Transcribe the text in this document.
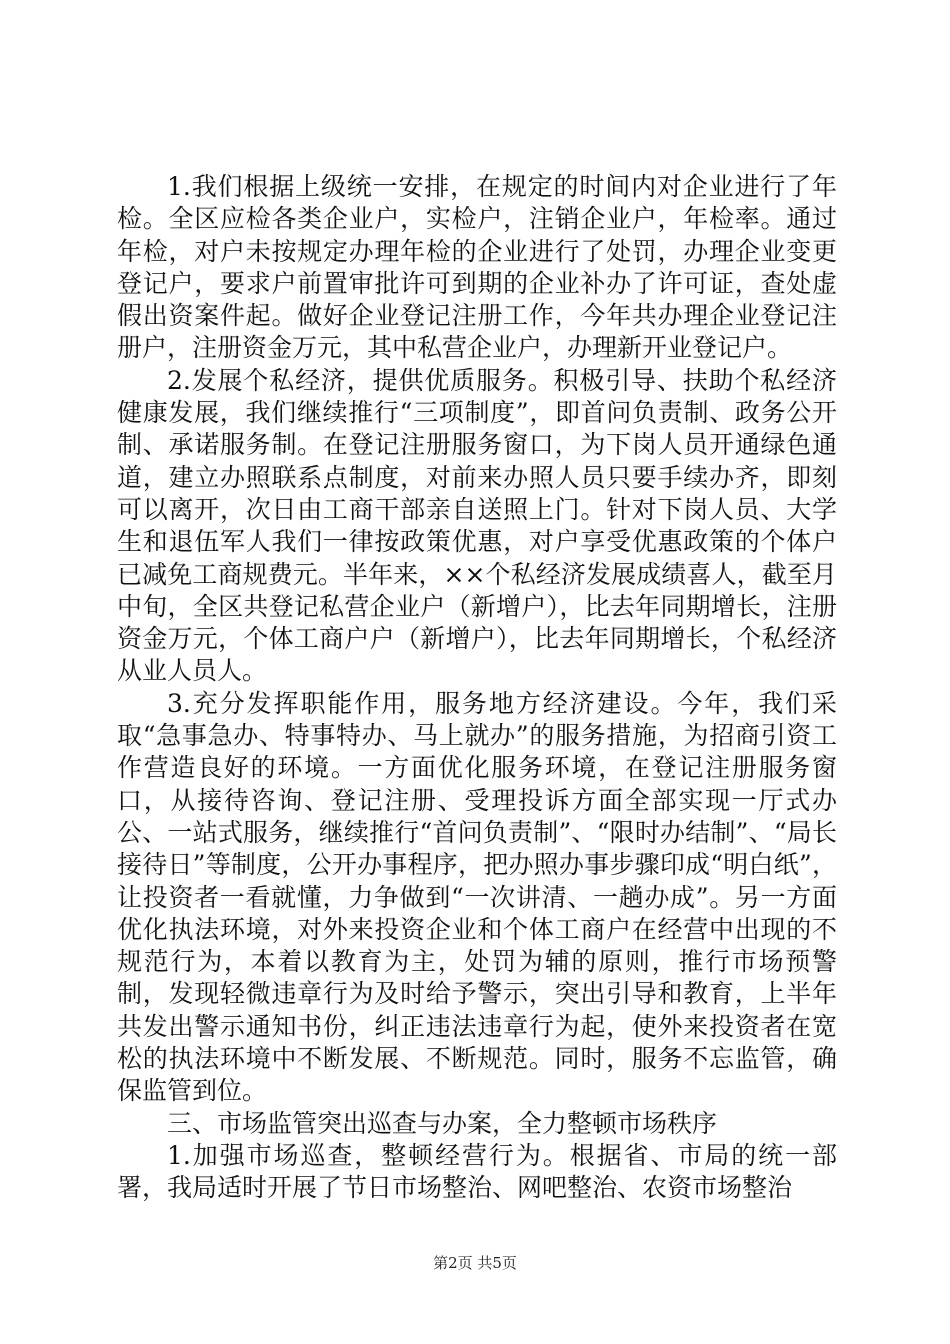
1.我们根据上级统一安排，在规定的时间内对企业进行了年检。全区应检各类企业户，实检户，注销企业户，年检率。通过年检，对户未按规定办理年检的企业进行了处罚，办理企业变更登记户，要求户前置审批许可到期的企业补办了许可证，查处虚假出资案件起。做好企业登记注册工作，今年共办理企业登记注册户，注册资金万元，其中私营企业户，办理新开业登记户。

2.发展个私经济，提供优质服务。积极引导、扶助个私经济健康发展，我们继续推行“三项制度”，即首问负责制、政务公开制、承诺服务制。在登记注册服务窗口，为下岗人员开通绿色通道，建立办照联系点制度，对前来办照人员只要手续办齐，即刻可以离开，次日由工商干部亲自送照上门。针对下岗人员、大学生和退伍军人我们一律按政策优惠，对户享受优惠政策的个体户已减免工商规费元。半年来，××个私经济发展成绩喜人，截至月中旬，全区共登记私营企业户（新增户），比去年同期增长，注册资金万元，个体工商户户（新增户），比去年同期增长，个私经济从业人员人。

3.充分发挥职能作用，服务地方经济建设。今年，我们采取“急事急办、特事特办、马上就办”的服务措施，为招商引资工作营造良好的环境。一方面优化服务环境，在登记注册服务窗口，从接待咨询、登记注册、受理投诉方面全部实现一厅式办公、一站式服务，继续推行“首问负责制”、“限时办结制”、“局长接待日”等制度，公开办事程序，把办照办事步骤印成“明白纸”，让投资者一看就懂，力争做到“一次讲清、一趟办成”。另一方面优化执法环境，对外来投资企业和个体工商户在经营中出现的不规范行为，本着以教育为主，处罚为辅的原则，推行市场预警制，发现轻微违章行为及时给予警示，突出引导和教育，上半年共发出警示通知书份，纠正违法违章行为起，使外来投资者在宽松的执法环境中不断发展、不断规范。同时，服务不忘监管，确保监管到位。

三、市场监管突出巡查与办案，全力整顿市场秩序

1.加强市场巡查，整顿经营行为。根据省、市局的统一部署，我局适时开展了节日市场整治、网吧整治、农资市场整治

第2页 共5页
